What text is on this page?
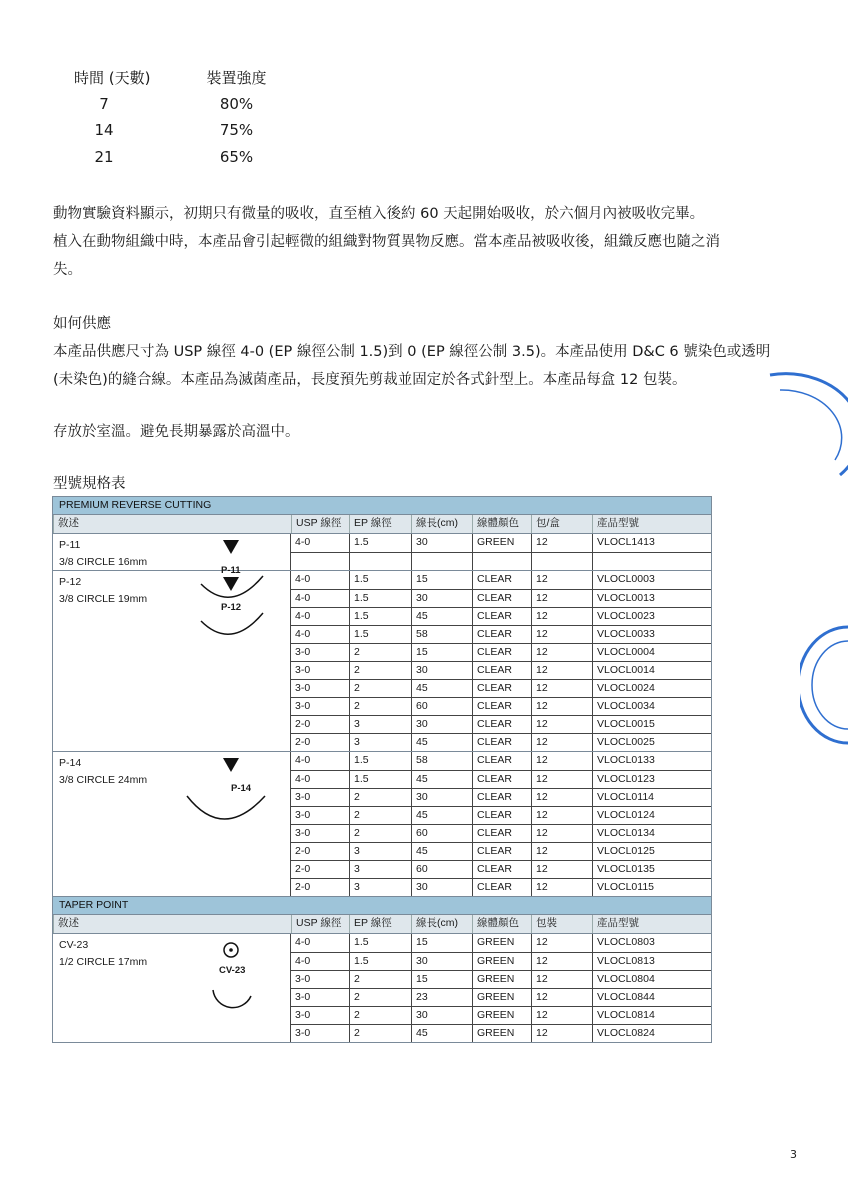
時間 (天數)	裝置強度
7	80%
14	75%
21	65%
動物實驗資料顯示，初期只有微量的吸收，直至植入後約 60 天起開始吸收，於六個月內被吸收完畢。
植入在動物組織中時，本產品會引起輕微的組織對物質異物反應。當本產品被吸收後，組織反應也隨之消
失。
如何供應
本產品供應尺寸為 USP 線徑 4-0 (EP 線徑公制 1.5)到 0 (EP 線徑公制 3.5)。本產品使用 D&C 6 號染色或透明
(未染色)的縫合線。本產品為滅菌產品，長度預先剪裁並固定於各式針型上。本產品每盒 12 包裝。
存放於室溫。避免長期暴露於高溫中。
型號規格表
PREMIUM REVERSE CUTTING
敘述	USP 線徑	EP 線徑	線長(cm)	線體顏色	包/盒	產品型號
P-11
3/8 CIRCLE 16mm
P-11
4-0	1.5	30	GREEN	12	VLOCL1413
P-12
3/8 CIRCLE 19mm
P-12
4-0	1.5	15	CLEAR	12	VLOCL0003
4-0	1.5	30	CLEAR	12	VLOCL0013
4-0	1.5	45	CLEAR	12	VLOCL0023
4-0	1.5	58	CLEAR	12	VLOCL0033
3-0	2	15	CLEAR	12	VLOCL0004
3-0	2	30	CLEAR	12	VLOCL0014
3-0	2	45	CLEAR	12	VLOCL0024
3-0	2	60	CLEAR	12	VLOCL0034
2-0	3	30	CLEAR	12	VLOCL0015
2-0	3	45	CLEAR	12	VLOCL0025
P-14
3/8 CIRCLE 24mm
P-14
4-0	1.5	58	CLEAR	12	VLOCL0133
4-0	1.5	45	CLEAR	12	VLOCL0123
3-0	2	30	CLEAR	12	VLOCL0114
3-0	2	45	CLEAR	12	VLOCL0124
3-0	2	60	CLEAR	12	VLOCL0134
2-0	3	45	CLEAR	12	VLOCL0125
2-0	3	60	CLEAR	12	VLOCL0135
2-0	3	30	CLEAR	12	VLOCL0115
TAPER POINT
敘述	USP 線徑	EP 線徑	線長(cm)	線體顏色	包裝	產品型號
CV-23
1/2 CIRCLE 17mm
CV-23
4-0	1.5	15	GREEN	12	VLOCL0803
4-0	1.5	30	GREEN	12	VLOCL0813
3-0	2	15	GREEN	12	VLOCL0804
3-0	2	23	GREEN	12	VLOCL0844
3-0	2	30	GREEN	12	VLOCL0814
3-0	2	45	GREEN	12	VLOCL0824
3
